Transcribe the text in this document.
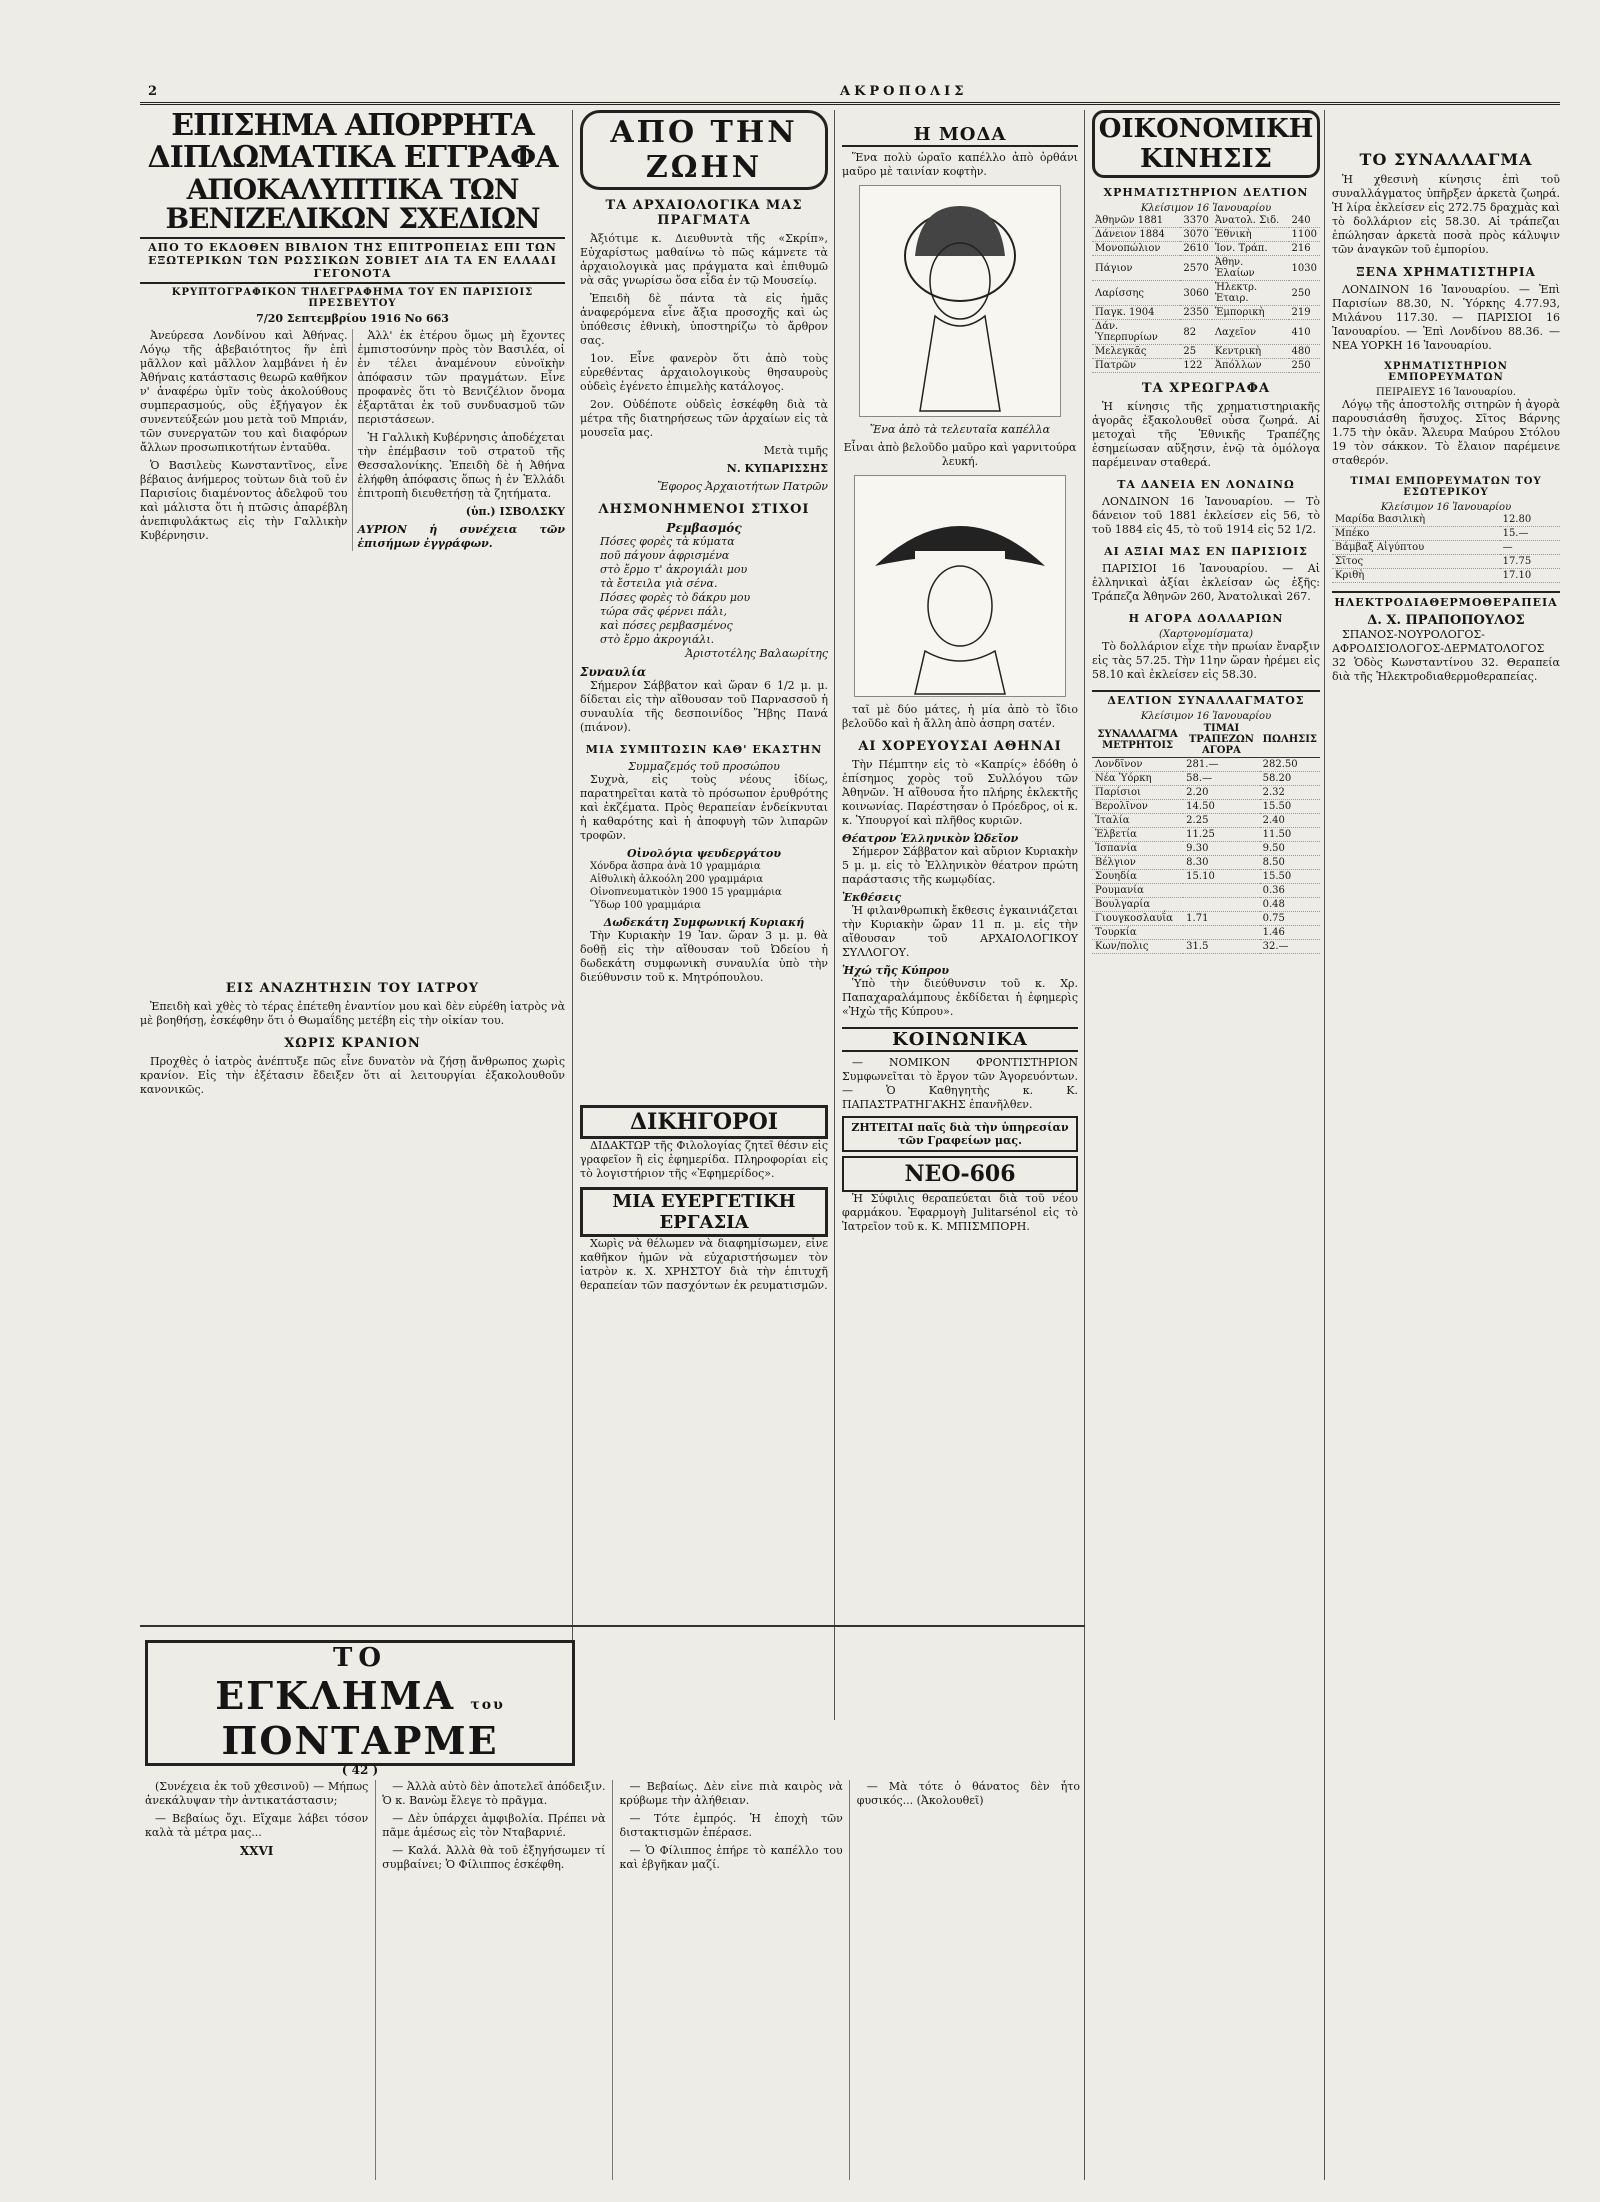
2	ΑΚΡΟΠΟΛΙΣ
ΕΠΙΣΗΜΑ ΑΠΟΡΡΗΤΑ ΔΙΠΛΩΜΑΤΙΚΑ ΕΓΓΡΑΦΑ
ΑΠΟΚΑΛΥΠΤΙΚΑ ΤΩΝ ΒΕΝΙΖΕΛΙΚΩΝ ΣΧΕΔΙΩΝ
ΑΠΟ ΤΟ ΕΚΔΟΘΕΝ ΒΙΒΛΙΟΝ ΤΗΣ ΕΠΙΤΡΟΠΕΙΑΣ ΕΠΙ ΤΩΝ ΕΞΩΤΕΡΙΚΩΝ ΤΩΝ ΡΩΣΣΙΚΩΝ ΣΟΒΙΕΤ ΔΙΑ ΤΑ ΕΝ ΕΛΛΑΔΙ ΓΕΓΟΝΟΤΑ
ΚΡΥΠΤΟΓΡΑΦΙΚΟΝ ΤΗΛΕΓΡΑΦΗΜΑ ΤΟΥ ΕΝ ΠΑΡΙΣΙΟΙΣ ΠΡΕΣΒΕΥΤΟΥ
7/20 Σεπτεμβρίου 1916 Νο 663

Ἀνεύρεσα Λονδίνου καὶ Ἀθήνας. Λόγῳ τῆς ἀβεβαιότητος ἥν ἐπὶ μᾶλλον καὶ μᾶλλον λαμβάνει ἡ ἐν Ἀθήναις κατάστασις θεωρῶ καθῆκον ν' ἀναφέρω ὑμῖν τοὺς ἀκολούθους συμπερασμούς, οὓς ἐξήγαγον ἐκ συνεντεύξεών μου μετὰ τοῦ Μπριάν, τῶν συνεργατῶν του καὶ διαφόρων ἄλλων προσωπικοτήτων ἐνταῦθα.

Ὁ Βασιλεὺς Κωνσταντῖνος, εἶνε βέβαιος ἀνήμερος τοὺτων διὰ τοῦ ἐν Παρισίοις διαμένοντος ἀδελφοῦ του καὶ μάλιστα ὅτι ἡ πτῶσις ἀπαρέβλη ἀνεπιφυλάκτως εἰς τὴν Γαλλικὴν Κυβέρνησιν.

Ἀλλ' ἐκ ἑτέρου ὅμως μὴ ἔχοντες ἐμπιστοσύνην πρὸς τὸν Βασιλέα, οἱ ἐν τέλει ἀναμένουν εὐνοϊκὴν ἀπόφασιν τῶν πραγμάτων. Εἶνε προφανὲς ὅτι τὸ Βενιζέλιον ὄνομα ἐξαρτᾶται ἐκ τοῦ συνδυασμοῦ τῶν περιστάσεων.

Ἡ Γαλλικὴ Κυβέρνησις ἀποδέχεται τὴν ἐπέμβασιν τοῦ στρατοῦ τῆς Θεσσαλονίκης. Ἐπειδὴ δὲ ἡ Ἀθήνα ἐλήφθη ἀπόφασις ὅπως ἡ ἐν Ἑλλάδι ἐπιτροπὴ διευθετήσῃ τὰ ζητήματα.

(ὑπ.) ΙΣΒΟΛΣΚΥ

ΑΥΡΙΟΝ ἡ συνέχεια τῶν ἐπισήμων ἐγγράφων.

ΕΙΣ ΑΝΑΖΗΤΗΣΙΝ ΤΟΥ ΙΑΤΡΟΥ

Ἐπειδὴ καὶ χθὲς τὸ τέρας ἐπέτεθη ἐναντίον μου καὶ δὲν εὑρέθη ἰατρὸς νὰ μὲ βοηθήσῃ, ἐσκέφθην ὅτι ὁ Θωμαΐδης μετέβη εἰς τὴν οἰκίαν του.

ΧΩΡΙΣ ΚΡΑΝΙΟΝ

Προχθὲς ὁ ἰατρὸς ἀνέπτυξε πῶς εἶνε δυνατὸν νὰ ζήσῃ ἄνθρωπος χωρὶς κρανίον. Εἰς τὴν ἐξέτασιν ἔδειξεν ὅτι αἱ λειτουργίαι ἐξακολουθοῦν κανονικῶς.

ΑΠΟ ΤΗΝ ΖΩΗΝ
ΤΑ ΑΡΧΑΙΟΛΟΓΙΚΑ ΜΑΣ ΠΡΑΓΜΑΤΑ

Ἀξιότιμε κ. Διευθυντὰ τῆς «Σκρίπ», Εὐχαρίστως μαθαίνω τὸ πῶς κάμνετε τὰ ἀρχαιολογικὰ μας πράγματα καὶ ἐπιθυμῶ νὰ σᾶς γνωρίσω ὅσα εἶδα ἐν τῷ Μουσείῳ.

Ἐπειδὴ δὲ πάντα τὰ εἰς ἡμᾶς ἀναφερόμενα εἶνε ἄξια προσοχῆς καὶ ὡς ὑπόθεσις ἐθνικὴ, ὑποστηρίζω τὸ ἄρθρον σας.

1ον. Εἶνε φανερὸν ὅτι ἀπὸ τοὺς εὑρεθέντας ἀρχαιολογικοὺς θησαυροὺς οὐδεὶς ἐγένετο ἐπιμελὴς κατάλογος.

2ον. Οὐδέποτε οὐδεὶς ἐσκέφθη διὰ τὰ μέτρα τῆς διατηρήσεως τῶν ἀρχαίων εἰς τὰ μουσεῖα μας.

Μετὰ τιμῆς

Ν. ΚΥΠΑΡΙΣΣΗΣ

Ἔφορος Ἀρχαιοτήτων Πατρῶν

ΛΗΣΜΟΝΗΜΕΝΟΙ ΣΤΙΧΟΙ
Ρεμβασμός
Πόσες φορὲς τὰ κύματα
ποῦ πάγουν ἀφρισμένα
στὸ ἔρμο τ' ἀκρογιάλι μου
τὰ ἔστειλα γιὰ σένα.
Πόσες φορὲς τὸ δάκρυ μου
τώρα σᾶς φέρνει πάλι,
καὶ πόσες ρεμβασμένος
στὸ ἔρμο ἀκρογιάλι.

Ἀριστοτέλης Βαλαωρίτης

Συναυλία

Σήμερον Σάββατον καὶ ὥραν 6 1/2 μ. μ. δίδεται εἰς τὴν αἴθουσαν τοῦ Παρνασσοῦ ἡ συναυλία τῆς δεσποινίδος Ἥβης Πανά (πιάνον).

ΜΙΑ ΣΥΜΠΤΩΣΙΝ ΚΑΘ' ΕΚΑΣΤΗΝ
Συμμαζεμός τοῦ προσώπου

Συχνὰ, εἰς τοὺς νέους ἰδίως, παρατηρεῖται κατὰ τὸ πρόσωπον ἐρυθρότης καὶ ἐκζέματα. Πρὸς θεραπείαν ἐνδείκνυται ἡ καθαρότης καὶ ἡ ἀποφυγὴ τῶν λιπαρῶν τροφῶν.

Οἰνολόγια ψευδεργάτου
Χόνδρα ἄσπρα ἀνὰ 10 γραμμάρια
Αἰθυλικὴ ἀλκοόλη 200 γραμμάρια
Οἰνοπνευματικὸν 1900 15 γραμμάρια
Ὕδωρ 100 γραμμάρια
Δωδεκάτη Συμφωνική Κυριακή

Τὴν Κυριακὴν 19 Ἰαν. ὥραν 3 μ. μ. θὰ δοθῇ εἰς τὴν αἴθουσαν τοῦ Ὠδείου ἡ δωδεκάτη συμφωνικὴ συναυλία ὑπὸ τὴν διεύθυνσιν τοῦ κ. Μητρόπουλου.

ΔΙΚΗΓΟΡΟΙ

ΔΙΔΑΚΤΩΡ τῆς Φιλολογίας ζητεῖ θέσιν εἰς γραφεῖον ἢ εἰς ἐφημερίδα. Πληροφορίαι εἰς τὸ λογιστήριον τῆς «Ἐφημερίδος».

ΜΙΑ ΕΥΕΡΓΕΤΙΚΗ ΕΡΓΑΣΙΑ

Χωρὶς νὰ θέλωμεν νὰ διαφημίσωμεν, εἶνε καθῆκον ἡμῶν νὰ εὐχαριστήσωμεν τὸν ἰατρὸν κ. Χ. ΧΡΗΣΤΟΥ διὰ τὴν ἐπιτυχῆ θεραπείαν τῶν πασχόντων ἐκ ρευματισμῶν.

Η ΜΟΔΑ

Ἕνα πολὺ ὡραῖο καπέλλο ἀπὸ ὀρθάνι μαῦρο μὲ ταινίαν κοφτὴν.

Ἕνα ἀπὸ τὰ τελευταῖα καπέλλα

Εἶναι ἀπὸ βελοῦδο μαῦρο καὶ γαρνιτούρα λευκή.

ταῖ μὲ δύο μάτες, ἡ μία ἀπὸ τὸ ἴδιο βελοῦδο καὶ ἡ ἄλλη ἀπὸ ἀσπρη σατέν.

ΑΙ ΧΟΡΕΥΟΥΣΑΙ ΑΘΗΝΑΙ

Τὴν Πέμπτην εἰς τὸ «Καπρίς» ἐδόθη ὁ ἐπίσημος χορὸς τοῦ Συλλόγου τῶν Ἀθηνῶν. Ἡ αἴθουσα ἦτο πλήρης ἐκλεκτῆς κοινωνίας. Παρέστησαν ὁ Πρόεδρος, οἱ κ. κ. Ὑπουργοί καὶ πλῆθος κυριῶν.

Θέατρον Ἑλληνικὸν Ὠδεῖον

Σήμερον Σάββατον καὶ αὔριον Κυριακὴν 5 μ. μ. εἰς τὸ Ἑλληνικὸν θέατρον πρώτη παράστασις τῆς κωμῳδίας.

Ἐκθέσεις

Ἡ φιλανθρωπικὴ ἔκθεσις ἐγκαινιάζεται τὴν Κυριακὴν ὥραν 11 π. μ. εἰς τὴν αἴθουσαν τοῦ ΑΡΧΑΙΟΛΟΓΙΚΟΥ ΣΥΛΛΟΓΟΥ.

Ἡχώ τῆς Κύπρου

Ὑπὸ τὴν διεύθυνσιν τοῦ κ. Χρ. Παπαχαραλάμπους ἐκδίδεται ἡ ἐφημερὶς «Ἠχὼ τῆς Κύπρου».

ΚΟΙΝΩΝΙΚΑ

— ΝΟΜΙΚΟΝ ΦΡΟΝΤΙΣΤΗΡΙΟΝ Συμφωνεῖται τὸ ἔργον τῶν Ἀγορευόντων. — Ὁ Καθηγητὴς κ. Κ. ΠΑΠΑΣΤΡΑΤΗΓΑΚΗΣ ἐπανῆλθεν.

ΖΗΤΕΙΤΑΙ παῖς διὰ τὴν ὑπηρεσίαν τῶν Γραφείων μας.
ΝΕΟ-606

Ἡ Σύφιλις θεραπεύεται διὰ τοῦ νέου φαρμάκου. Ἐφαρμογὴ Julitarsénol εἰς τὸ Ἰατρεῖον τοῦ κ. Κ. ΜΠΙΣΜΠΟΡΗ.

ΟΙΚΟΝΟΜΙΚΗ ΚΙΝΗΣΙΣ
ΧΡΗΜΑΤΙΣΤΗΡΙΟΝ ΔΕΛΤΙΟΝ
Κλείσιμον 16 Ἰανουαρίου
Ἀθηνῶν 1881	3370	Ἀνατολ. Σιδ.	240
Δάνειον 1884	3070	Ἐθνικὴ	1100
Μονοπώλιον	2610	Ἰον. Τράπ.	216
Πάγιον	2570	Ἀθην. Ἐλαίων	1030
Λαρίσσης	3060	Ἠλεκτρ. Ἑταιρ.	250
Παγκ. 1904	2350	Ἐμπορικὴ	219
Δάν. Ὑπερπυρίων	82	Λαχεῖον	410
Μελεγκᾶς	25	Κεντρικὴ	480
Πατρῶν	122	Ἀπόλλων	250
ΤΑ ΧΡΕΩΓΡΑΦΑ

Ἡ κίνησις τῆς χρηματιστηριακῆς ἀγορᾶς ἐξακολουθεῖ οὖσα ζωηρά. Αἱ μετοχαὶ τῆς Ἐθνικῆς Τραπέζης ἐσημείωσαν αὔξησιν, ἐνῷ τὰ ὁμόλογα παρέμειναν σταθερά.

ΤΑ ΔΑΝΕΙΑ ΕΝ ΛΟΝΔΙΝΩ

ΛΟΝΔΙΝΟΝ 16 Ἰανουαρίου. — Τὸ δάνειον τοῦ 1881 ἐκλείσεν εἰς 56, τὸ τοῦ 1884 εἰς 45, τὸ τοῦ 1914 εἰς 52 1/2.

ΑΙ ΑΞΙΑΙ ΜΑΣ ΕΝ ΠΑΡΙΣΙΟΙΣ

ΠΑΡΙΣΙΟΙ 16 Ἰανουαρίου. — Αἱ ἑλληνικαὶ ἀξίαι ἐκλείσαν ὡς ἑξῆς: Τράπεζα Ἀθηνῶν 260, Ἀνατολικαὶ 267.

Η ΑΓΟΡΑ ΔΟΛΛΑΡΙΩΝ
(Χαρτονομίσματα)

Τὸ δολλάριον εἶχε τὴν πρωίαν ἔναρξιν εἰς τὰς 57.25. Τὴν 11ην ὥραν ἠρέμει εἰς 58.10 καὶ ἐκλείσεν εἰς 58.30.

ΔΕΛΤΙΟΝ ΣΥΝΑΛΛΑΓΜΑΤΟΣ
Κλείσιμον 16 Ἰανουαρίου
ΣΥΝΑΛΛΑΓΜΑ ΜΕΤΡΗΤΟΙΣ	ΤΙΜΑΙ ΤΡΑΠΕΖΩΝ ΑΓΟΡΑ	ΠΩΛΗΣΙΣ
Λονδῖνον	281.—	282.50
Νέα Ὑόρκη	58.—	58.20
Παρίσιοι	2.20	2.32
Βερολῖνον	14.50	15.50
Ἰταλία	2.25	2.40
Ἑλβετία	11.25	11.50
Ἰσπανία	9.30	9.50
Βέλγιον	8.30	8.50
Σουηδία	15.10	15.50
Ρουμανία		0.36
Βουλγαρία		0.48
Γιουγκοσλαυΐα	1.71	0.75
Τουρκία		1.46
Κων/πολις	31.5	32.—
ΤΟ ΣΥΝΑΛΛΑΓΜΑ

Ἡ χθεσινὴ κίνησις ἐπὶ τοῦ συναλλάγματος ὑπῆρξεν ἀρκετὰ ζωηρά. Ἡ λίρα ἐκλείσεν εἰς 272.75 δραχμὰς καὶ τὸ δολλάριον εἰς 58.30. Αἱ τράπεζαι ἐπώλησαν ἀρκετὰ ποσὰ πρὸς κάλυψιν τῶν ἀναγκῶν τοῦ ἐμπορίου.

ΞΕΝΑ ΧΡΗΜΑΤΙΣΤΗΡΙΑ

ΛΟΝΔΙΝΟΝ 16 Ἰανουαρίου. — Ἐπὶ Παρισίων 88.30, Ν. Ὑόρκης 4.77.93, Μιλάνου 117.30. — ΠΑΡΙΣΙΟΙ 16 Ἰανουαρίου. — Ἐπὶ Λονδίνου 88.36. — ΝΕΑ ΥΟΡΚΗ 16 Ἰανουαρίου.

ΧΡΗΜΑΤΙΣΤΗΡΙΟΝ ΕΜΠΟΡΕΥΜΑΤΩΝ
ΠΕΙΡΑΙΕΥΣ 16 Ἰανουαρίου.

Λόγῳ τῆς ἀποστολῆς σιτηρῶν ἡ ἀγορὰ παρουσιάσθη ἥσυχος. Σῖτος Βάρνης 1.75 τὴν ὀκᾶν. Ἄλευρα Μαύρου Στόλου 19 τὸν σάκκον. Τὸ ἔλαιον παρέμεινε σταθερόν.

ΤΙΜΑΙ ΕΜΠΟΡΕΥΜΑΤΩΝ ΤΟΥ ΕΣΩΤΕΡΙΚΟΥ
Κλείσιμον 16 Ἰανουαρίου
Μαρίδα Βασιλικὴ	12.80
Μπέκο	15.—
Βάμβαξ Αἰγύπτου	—
Σῖτος	17.75
Κριθὴ	17.10
ΗΛΕΚΤΡΟΔΙΑΘΕΡΜΟΘΕΡΑΠΕΙΑ
Δ. Χ. ΠΡΑΠΟΠΟΥΛΟΣ

ΣΠΑΝΟΣ-ΝΟΥΡΟΛΟΓΟΣ-ΑΦΡΟΔΙΣΙΟΛΟΓΟΣ-ΔΕΡΜΑΤΟΛΟΓΟΣ 32 Ὁδὸς Κωνσταντίνου 32. Θεραπεία διὰ τῆς Ἠλεκτροδιαθερμοθεραπείας.

ΤΟ
ΕΓΚΛΗΜΑ του ΠΟΝΤΑΡΜΕ
( 42 )

(Συνέχεια ἐκ τοῦ χθεσινοῦ) — Μήπως ἀνεκάλυψαν τὴν ἀντικατάστασιν;

— Βεβαίως ὄχι. Εἴχαμε λάβει τόσον καλὰ τὰ μέτρα μας...

XXVI

— Ἀλλὰ αὐτὸ δὲν ἀποτελεῖ ἀπόδειξιν. Ὁ κ. Βανὼμ ἔλεγε τὸ πρᾶγμα.

— Δὲν ὑπάρχει ἀμφιβολία. Πρέπει νὰ πᾶμε ἀμέσως εἰς τὸν Νταβαρνιέ.

— Καλά. Ἀλλὰ θὰ τοῦ ἐξηγήσωμεν τί συμβαίνει; Ὁ Φίλιππος ἐσκέφθη.

— Βεβαίως. Δὲν εἶνε πιὰ καιρὸς νὰ κρύβωμε τὴν ἀλήθειαν.

— Τότε ἐμπρός. Ἡ ἐποχὴ τῶν διστακτισμῶν ἐπέρασε.

— Ὁ Φίλιππος ἐπήρε τὸ καπέλλο του καὶ ἐβγῆκαν μαζί.

— Μὰ τότε ὁ θάνατος δὲν ἦτο φυσικός... (Ἀκολουθεῖ)
